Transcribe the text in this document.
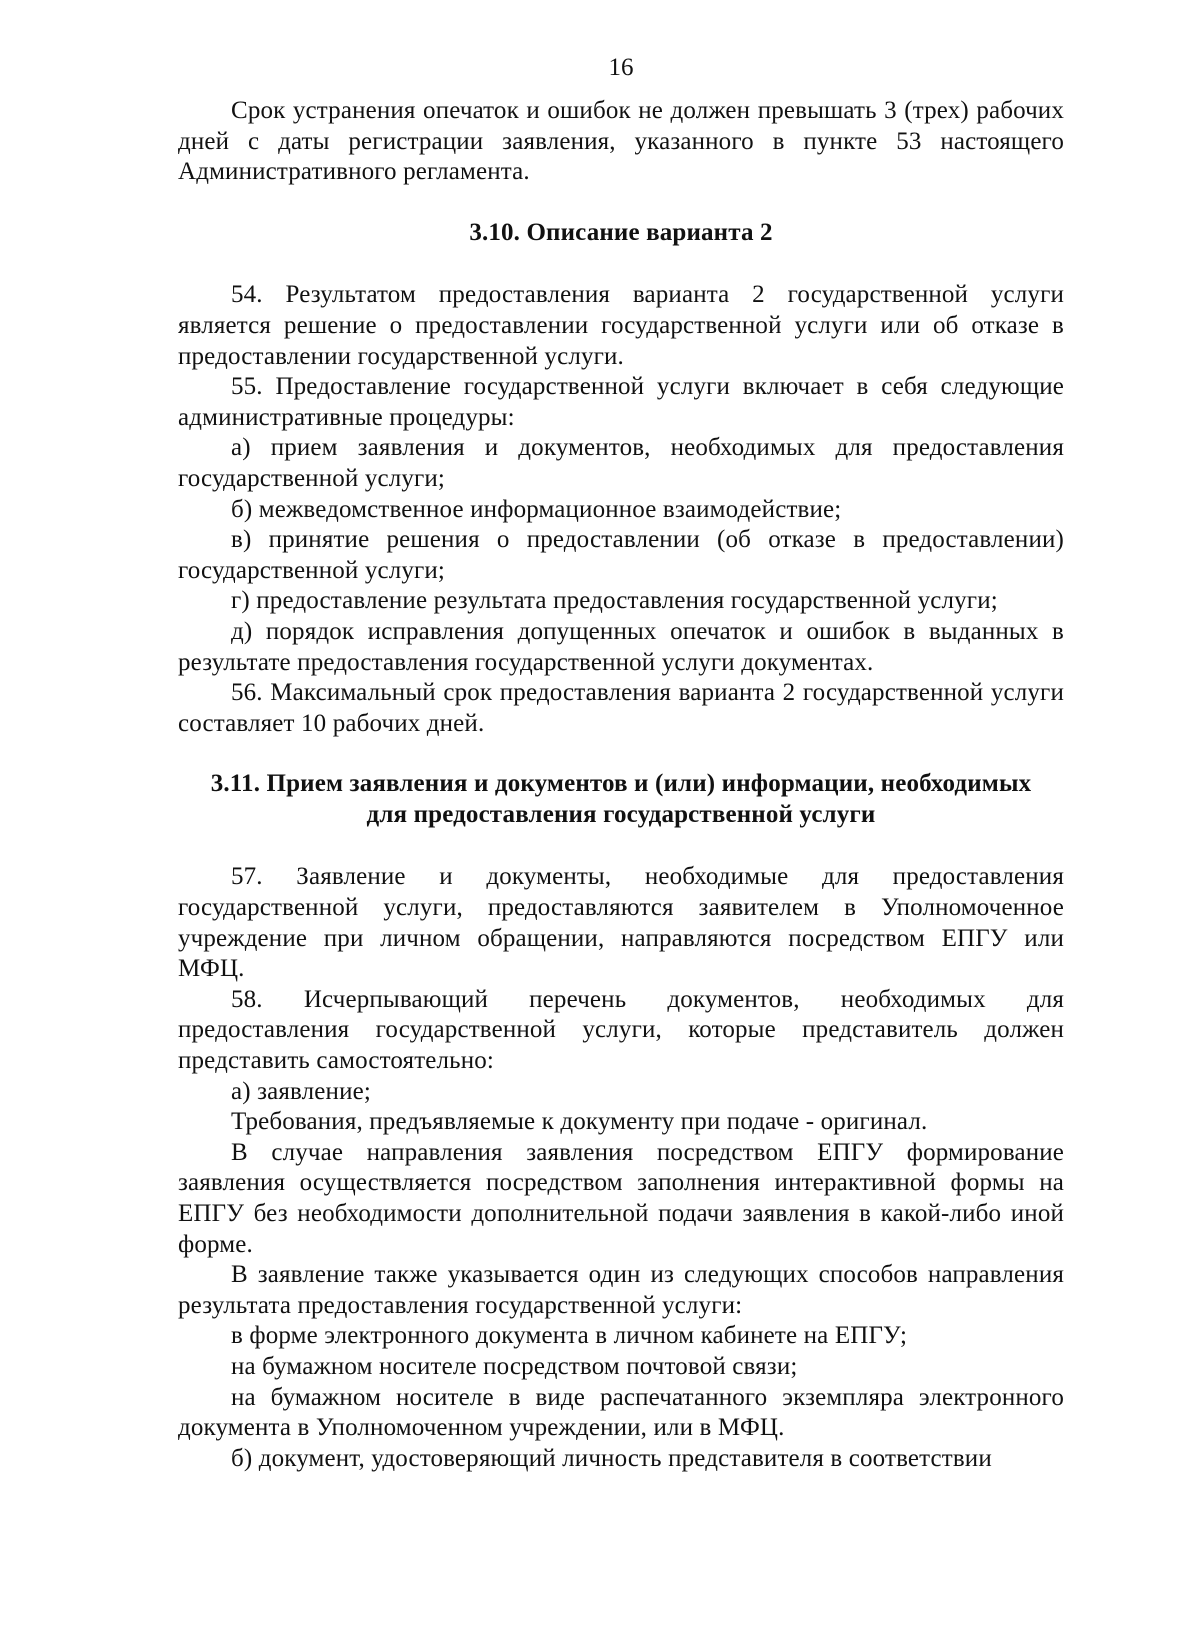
16

Срок устранения опечаток и ошибок не должен превышать 3 (трех) рабочих дней с даты регистрации заявления, указанного в пункте 53 настоящего Административного регламента.

3.10. Описание варианта 2

54. Результатом предоставления варианта 2 государственной услуги является решение о предоставлении государственной услуги или об отказе в предоставлении государственной услуги.

55. Предоставление государственной услуги включает в себя следующие административные процедуры:

а) прием заявления и документов, необходимых для предоставления государственной услуги;

б) межведомственное информационное взаимодействие;

в) принятие решения о предоставлении (об отказе в предоставлении) государственной услуги;

г) предоставление результата предоставления государственной услуги;

д) порядок исправления допущенных опечаток и ошибок в выданных в результате предоставления государственной услуги документах.

56. Максимальный срок предоставления варианта 2 государственной услуги составляет 10 рабочих дней.

3.11. Прием заявления и документов и (или) информации, необходимых
для предоставления государственной услуги

57. Заявление и документы, необходимые для предоставления государственной услуги, предоставляются заявителем в Уполномоченное учреждение при личном обращении, направляются посредством ЕПГУ или МФЦ.

58. Исчерпывающий перечень документов, необходимых для предоставления государственной услуги, которые представитель должен представить самостоятельно:

а) заявление;

Требования, предъявляемые к документу при подаче - оригинал.

В случае направления заявления посредством ЕПГУ формирование заявления осуществляется посредством заполнения интерактивной формы на ЕПГУ без необходимости дополнительной подачи заявления в какой-либо иной форме.

В заявление также указывается один из следующих способов направления результата предоставления государственной услуги:

в форме электронного документа в личном кабинете на ЕПГУ;

на бумажном носителе посредством почтовой связи;

на бумажном носителе в виде распечатанного экземпляра электронного документа в Уполномоченном учреждении, или в МФЦ.

б) документ, удостоверяющий личность представителя в соответствии
